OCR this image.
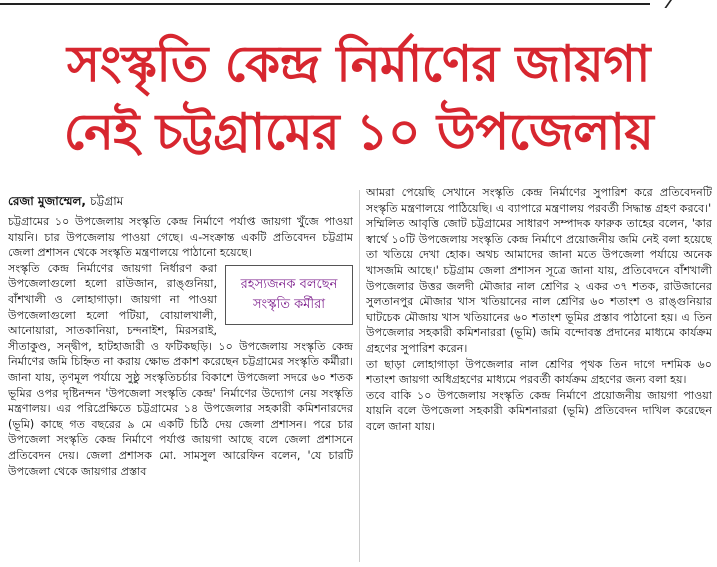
সংস্কৃতি কেন্দ্র নির্মাণের জায়গা
নেই চট্টগ্রামের ১০ উপজেলায়
রেজা মুজাম্মেল, চট্টগ্রাম

চট্টগ্রামের ১০ উপজেলায় সংস্কৃতি কেন্দ্র নির্মাণে পর্যাপ্ত জায়গা খুঁজে পাওয়া যায়নি। চার উপজেলায় পাওয়া গেছে। এ-সংক্রান্ত একটি প্রতিবেদন চট্টগ্রাম জেলা প্রশাসন থেকে সংস্কৃতি মন্ত্রণালয়ে পাঠানো হয়েছে।

রহস্যজনক বলছেন
সংস্কৃতি কর্মীরা

সংস্কৃতি কেন্দ্র নির্মাণের জায়গা নির্ধারণ করা উপজেলাগুলো হলো রাউজান, রাঙ্গুনিয়া, বাঁশখালী ও লোহাগাড়া। জায়গা না পাওয়া উপজেলাগুলো হলো পটিয়া, বোয়ালখালী, আনোয়ারা, সাতকানিয়া, চন্দনাইশ, মিরসরাই, সীতাকুণ্ড, সন্দ্বীপ, হাটহাজারী ও ফটিকছড়ি। ১০ উপজেলায় সংস্কৃতি কেন্দ্র নির্মাণের জমি চিহ্নিত না করায় ক্ষোভ প্রকাশ করেছেন চট্টগ্রামের সংস্কৃতি কর্মীরা। জানা যায়, তৃণমূল পর্যায়ে সুষ্ঠু সংস্কৃতিচর্চার বিকাশে উপজেলা সদরে ৬০ শতক ভূমির ওপর দৃষ্টিনন্দন 'উপজেলা সংস্কৃতি কেন্দ্র' নির্মাণের উদ্যোগ নেয় সংস্কৃতি মন্ত্রণালয়। এর পরিপ্রেক্ষিতে চট্টগ্রামের ১৪ উপজেলার সহকারী কমিশনারদের (ভূমি) কাছে গত বছরের ৯ মে একটি চিঠি দেয় জেলা প্রশাসন। পরে চার উপজেলা সংস্কৃতি কেন্দ্র নির্মাণে পর্যাপ্ত জায়গা আছে বলে জেলা প্রশাসনে প্রতিবেদন দেয়। জেলা প্রশাসক মো. সামসুল আরেফিন বলেন, 'যে চারটি উপজেলা থেকে জায়গার প্রস্তাব

আমরা পেয়েছি সেখানে সংস্কৃতি কেন্দ্র নির্মাণের সুপারিশ করে প্রতিবেদনটি সংস্কৃতি মন্ত্রণালয়ে পাঠিয়েছি। এ ব্যাপারে মন্ত্রণালয় পরবর্তী সিদ্ধান্ত গ্রহণ করবে।'

সম্মিলিত আবৃত্তি জোট চট্টগ্রামের সাধারণ সম্পাদক ফারুক তাহের বলেন, 'কার স্বার্থে ১০টি উপজেলায় সংস্কৃতি কেন্দ্র নির্মাণে প্রয়োজনীয় জমি নেই বলা হয়েছে তা খতিয়ে দেখা হোক। অথচ আমাদের জানা মতে উপজেলা পর্যায়ে অনেক খাসজমি আছে।' চট্টগ্রাম জেলা প্রশাসন সূত্রে জানা যায়, প্রতিবেদনে বাঁশখালী উপজেলার উত্তর জলদী মৌজার নাল শ্রেণির ২ একর ৩৭ শতক, রাউজানের সুলতানপুর মৌজার খাস খতিয়ানের নাল শ্রেণির ৬০ শতাংশ ও রাঙ্গুনিয়ার ঘাটচেক মৌজায় খাস খতিয়ানের ৬০ শতাংশ ভূমির প্রস্তাব পাঠানো হয়। এ তিন উপজেলার সহকারী কমিশনাররা (ভূমি) জমি বন্দোবস্ত প্রদানের মাধ্যমে কার্যক্রম গ্রহণের সুপারিশ করেন।

তা ছাড়া লোহাগাড়া উপজেলার নাল শ্রেণির পৃথক তিন দাগে দশমিক ৬০ শতাংশ জায়গা অধিগ্রহণের মাধ্যমে পরবর্তী কার্যক্রম গ্রহণের জন্য বলা হয়।

তবে বাকি ১০ উপজেলায় সংস্কৃতি কেন্দ্র নির্মাণে প্রয়োজনীয় জায়গা পাওয়া যায়নি বলে উপজেলা সহকারী কমিশনাররা (ভূমি) প্রতিবেদন দাখিল করেছেন বলে জানা যায়।
